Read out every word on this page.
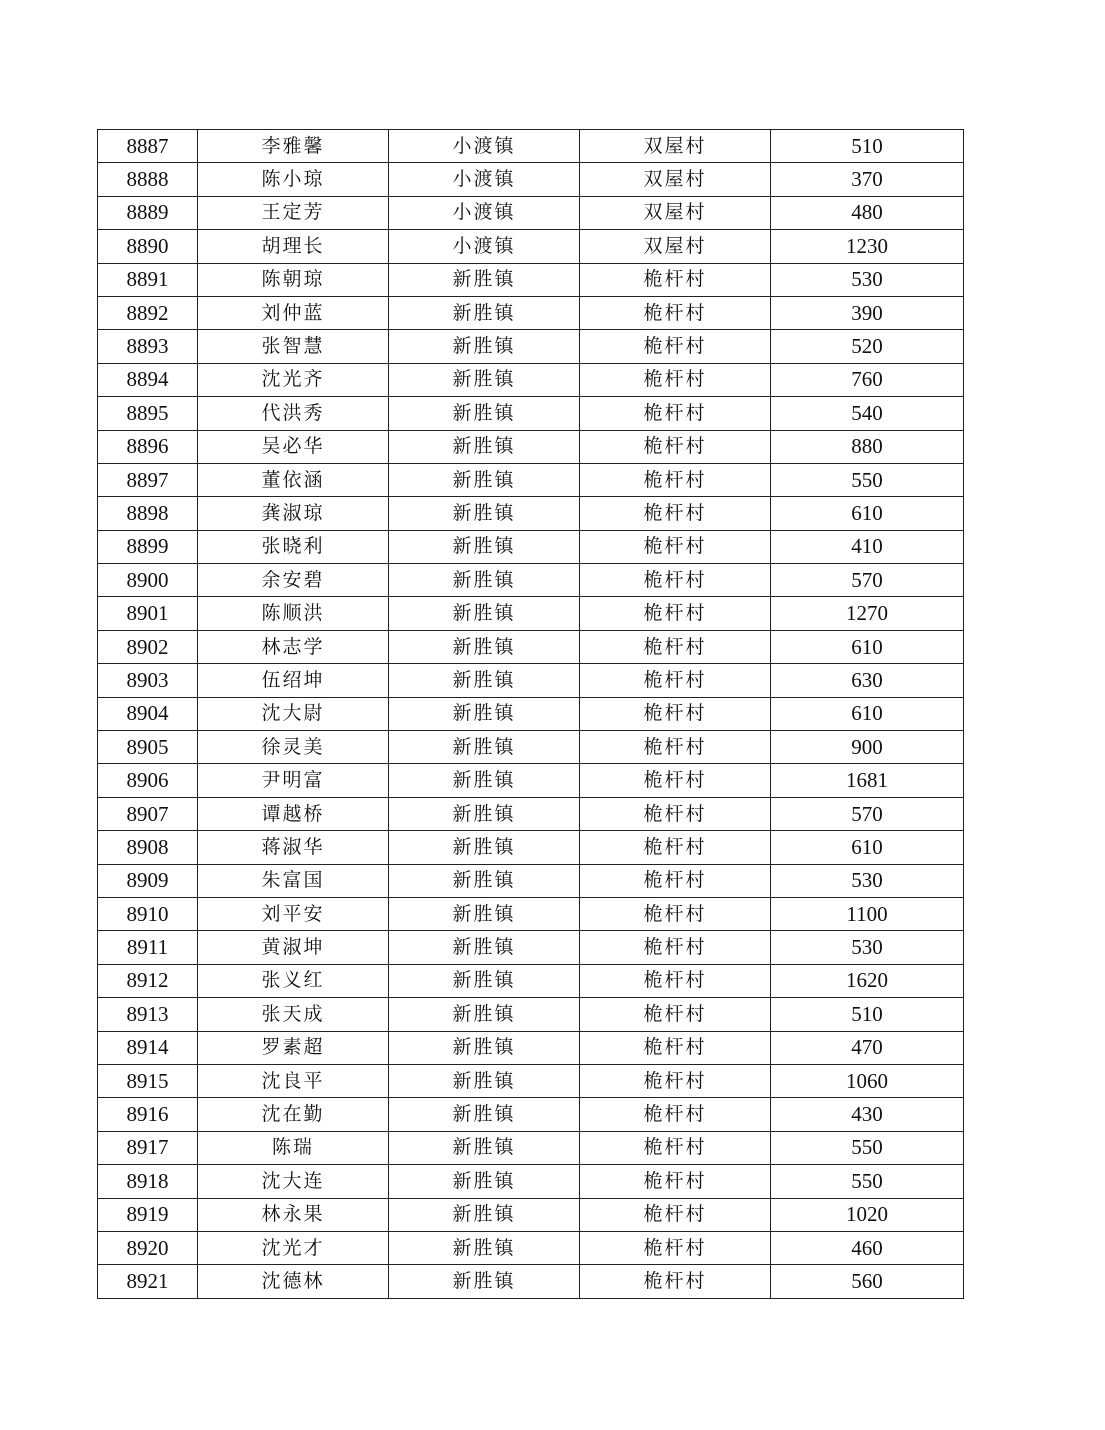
8887	李雅馨	小渡镇	双屋村	510
8888	陈小琼	小渡镇	双屋村	370
8889	王定芳	小渡镇	双屋村	480
8890	胡理长	小渡镇	双屋村	1230
8891	陈朝琼	新胜镇	桅杆村	530
8892	刘仲蓝	新胜镇	桅杆村	390
8893	张智慧	新胜镇	桅杆村	520
8894	沈光齐	新胜镇	桅杆村	760
8895	代洪秀	新胜镇	桅杆村	540
8896	吴必华	新胜镇	桅杆村	880
8897	董依涵	新胜镇	桅杆村	550
8898	龚淑琼	新胜镇	桅杆村	610
8899	张晓利	新胜镇	桅杆村	410
8900	余安碧	新胜镇	桅杆村	570
8901	陈顺洪	新胜镇	桅杆村	1270
8902	林志学	新胜镇	桅杆村	610
8903	伍绍坤	新胜镇	桅杆村	630
8904	沈大尉	新胜镇	桅杆村	610
8905	徐灵美	新胜镇	桅杆村	900
8906	尹明富	新胜镇	桅杆村	1681
8907	谭越桥	新胜镇	桅杆村	570
8908	蒋淑华	新胜镇	桅杆村	610
8909	朱富国	新胜镇	桅杆村	530
8910	刘平安	新胜镇	桅杆村	1100
8911	黄淑坤	新胜镇	桅杆村	530
8912	张义红	新胜镇	桅杆村	1620
8913	张天成	新胜镇	桅杆村	510
8914	罗素超	新胜镇	桅杆村	470
8915	沈良平	新胜镇	桅杆村	1060
8916	沈在勤	新胜镇	桅杆村	430
8917	陈瑞	新胜镇	桅杆村	550
8918	沈大连	新胜镇	桅杆村	550
8919	林永果	新胜镇	桅杆村	1020
8920	沈光才	新胜镇	桅杆村	460
8921	沈德林	新胜镇	桅杆村	560
